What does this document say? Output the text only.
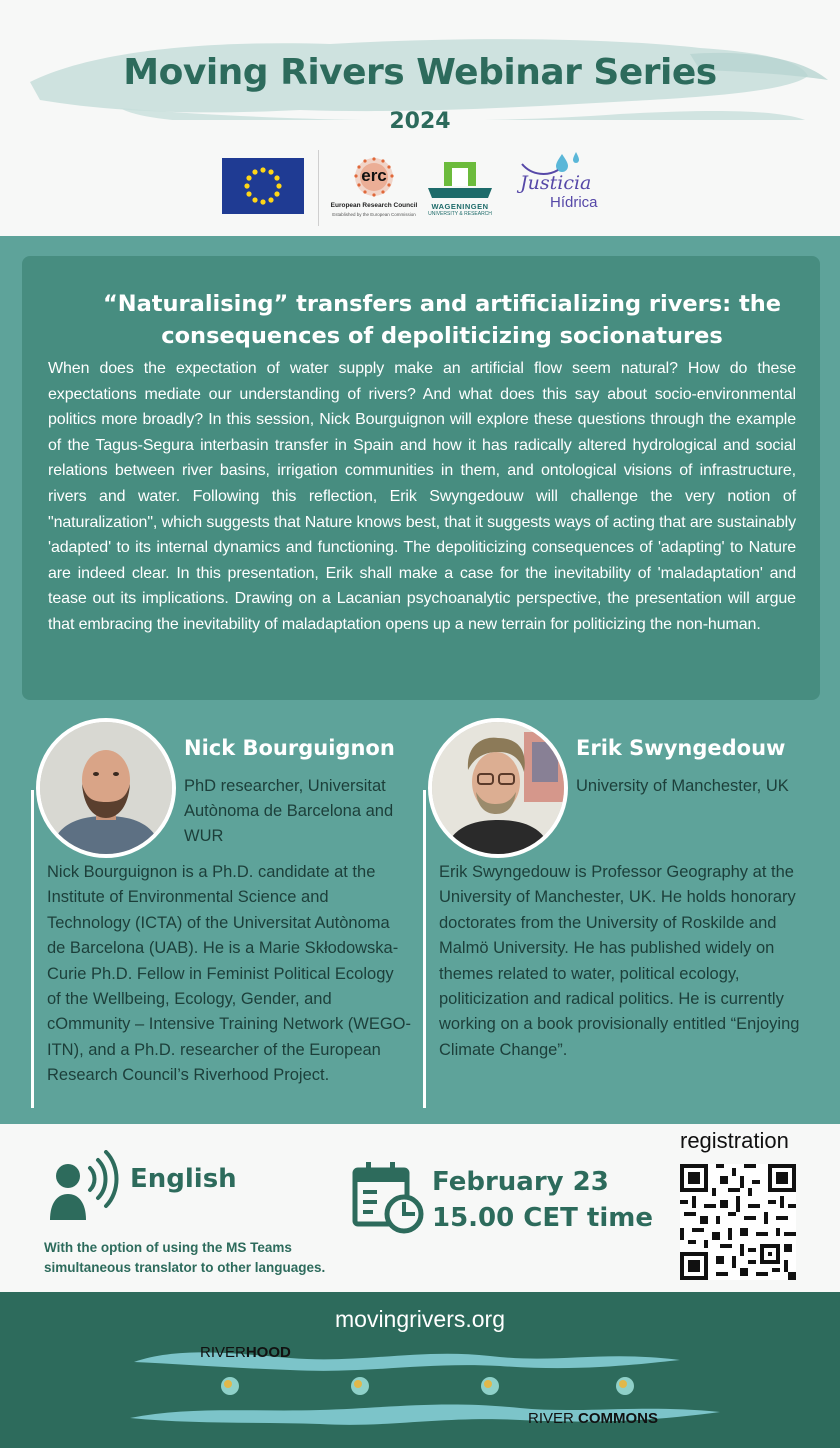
Moving Rivers Webinar Series
2024
erc
European Research Council
Established by the European Commission
WAGENINGEN
UNIVERSITY & RESEARCH
Justicia
Hídrica
“Naturalising” transfers and artificializing rivers: the consequences of depoliticizing socionatures
When does the expectation of water supply make an artificial flow seem natural? How do these expectations mediate our understanding of rivers? And what does this say about socio-environmental politics more broadly? In this session, Nick Bourguignon will explore these questions through the example of the Tagus-Segura interbasin transfer in Spain and how it has radically altered hydrological and social relations between river basins, irrigation communities in them, and ontological visions of infrastructure, rivers and water. Following this reflection, Erik Swyngedouw will challenge the very notion of "naturalization", which suggests that Nature knows best, that it suggests ways of acting that are sustainably 'adapted' to its internal dynamics and functioning. The depoliticizing consequences of 'adapting' to Nature are indeed clear. In this presentation, Erik shall make a case for the inevitability of 'maladaptation' and tease out its implications. Drawing on a Lacanian psychoanalytic perspective, the presentation will argue that embracing the inevitability of maladaptation opens up a new terrain for politicizing the non-human.
Nick Bourguignon
PhD researcher, Universitat Autònoma de Barcelona and WUR
Nick Bourguignon is a Ph.D. candidate at the Institute of Environmental Science and Technology (ICTA) of the Universitat Autònoma de Barcelona (UAB). He is a Marie Skłodowska-Curie Ph.D. Fellow in Feminist Political Ecology of the Wellbeing, Ecology, Gender, and cOmmunity – Intensive Training Network (WEGO-ITN), and a Ph.D. researcher of the European Research Council’s Riverhood Project.
Erik Swyngedouw
University of Manchester, UK
Erik Swyngedouw is Professor Geography at the University of Manchester, UK. He holds honorary doctorates from the University of Roskilde and Malmö University. He has published widely on themes related to water, political ecology, politicization and radical politics. He is currently working on a book provisionally entitled “Enjoying Climate Change”.
English
With the option of using the MS Teams
simultaneous translator to other languages.
February 23
15.00 CET time
registration
movingrivers.org
RIVERHOOD
RIVER COMMONS
